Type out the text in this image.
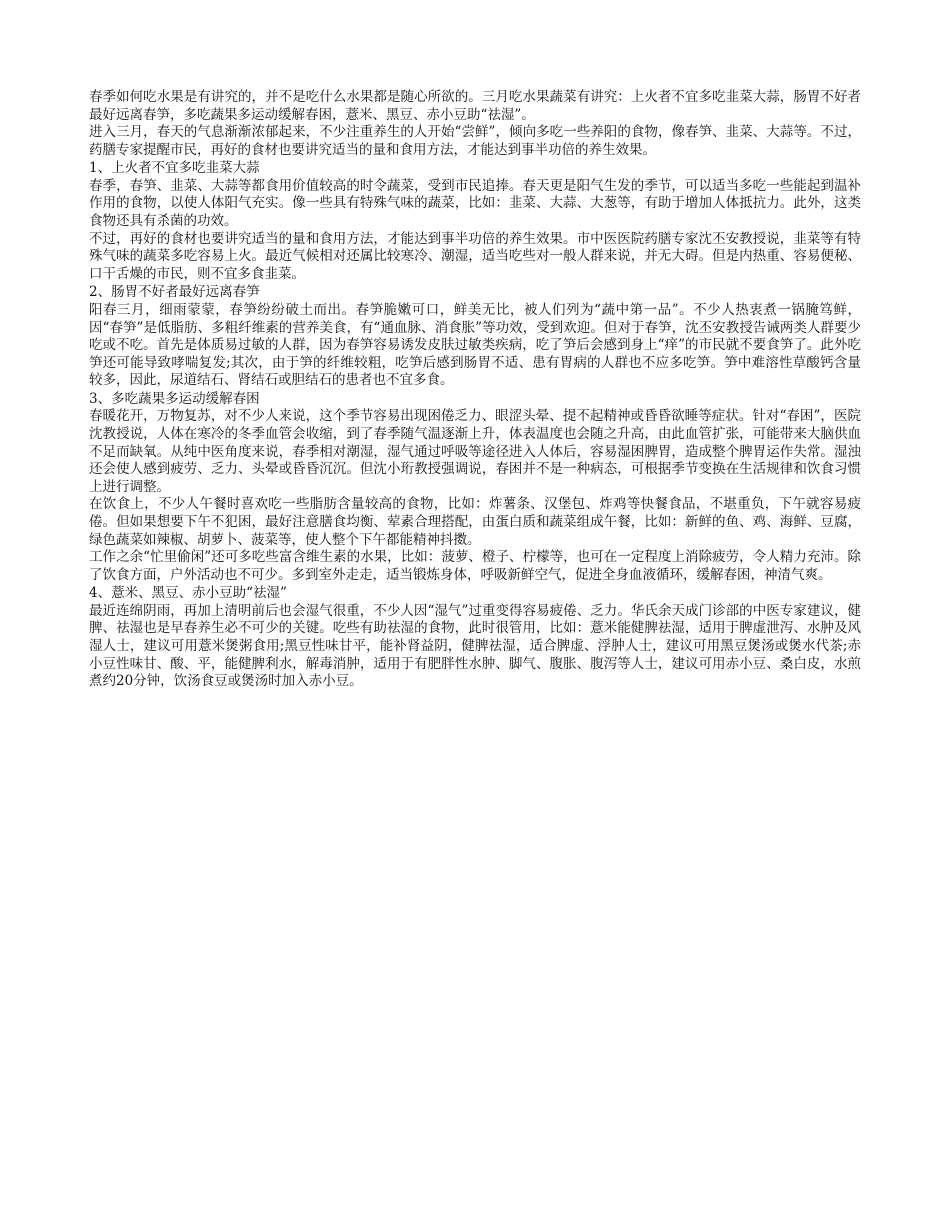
春季如何吃水果是有讲究的，并不是吃什么水果都是随心所欲的。三月吃水果蔬菜有讲究：上火者不宜多吃韭菜大蒜，肠胃不好者最好远离春笋，多吃蔬果多运动缓解春困，薏米、黑豆、赤小豆助“祛湿”。

进入三月，春天的气息渐渐浓郁起来，不少注重养生的人开始“尝鲜”，倾向多吃一些养阳的食物，像春笋、韭菜、大蒜等。不过，药膳专家提醒市民，再好的食材也要讲究适当的量和食用方法，才能达到事半功倍的养生效果。

1、上火者不宜多吃韭菜大蒜

春季，春笋、韭菜、大蒜等都食用价值较高的时令蔬菜，受到市民追捧。春天更是阳气生发的季节，可以适当多吃一些能起到温补作用的食物，以使人体阳气充实。像一些具有特殊气味的蔬菜，比如：韭菜、大蒜、大葱等，有助于增加人体抵抗力。此外，这类食物还具有杀菌的功效。

不过，再好的食材也要讲究适当的量和食用方法，才能达到事半功倍的养生效果。市中医医院药膳专家沈丕安教授说，韭菜等有特殊气味的蔬菜多吃容易上火。最近气候相对还属比较寒冷、潮湿，适当吃些对一般人群来说，并无大碍。但是内热重、容易便秘、口干舌燥的市民，则不宜多食韭菜。

2、肠胃不好者最好远离春笋

阳春三月，细雨蒙蒙，春笋纷纷破土而出。春笋脆嫩可口，鲜美无比，被人们列为“蔬中第一品”。不少人热衷煮一锅腌笃鲜，因“春笋”是低脂肪、多粗纤维素的营养美食，有“通血脉、消食胀”等功效，受到欢迎。但对于春笋，沈丕安教授告诫两类人群要少吃或不吃。首先是体质易过敏的人群，因为春笋容易诱发皮肤过敏类疾病，吃了笋后会感到身上“痒”的市民就不要食笋了。此外吃笋还可能导致哮喘复发;其次，由于笋的纤维较粗，吃笋后感到肠胃不适、患有胃病的人群也不应多吃笋。笋中难溶性草酸钙含量较多，因此，尿道结石、肾结石或胆结石的患者也不宜多食。

3、多吃蔬果多运动缓解春困

春暖花开，万物复苏，对不少人来说，这个季节容易出现困倦乏力、眼涩头晕、提不起精神或昏昏欲睡等症状。针对“春困”，医院沈教授说，人体在寒冷的冬季血管会收缩，到了春季随气温逐渐上升，体表温度也会随之升高，由此血管扩张，可能带来大脑供血不足而缺氧。从纯中医角度来说，春季相对潮湿，湿气通过呼吸等途径进入人体后，容易湿困脾胃，造成整个脾胃运作失常。湿浊还会使人感到疲劳、乏力、头晕或昏昏沉沉。但沈小珩教授强调说，春困并不是一种病态，可根据季节变换在生活规律和饮食习惯上进行调整。

在饮食上，不少人午餐时喜欢吃一些脂肪含量较高的食物，比如：炸薯条、汉堡包、炸鸡等快餐食品，不堪重负，下午就容易疲倦。但如果想要下午不犯困，最好注意膳食均衡、荤素合理搭配，由蛋白质和蔬菜组成午餐，比如：新鲜的鱼、鸡、海鲜、豆腐，绿色蔬菜如辣椒、胡萝卜、菠菜等，使人整个下午都能精神抖擞。

工作之余“忙里偷闲”还可多吃些富含维生素的水果，比如：菠萝、橙子、柠檬等，也可在一定程度上消除疲劳，令人精力充沛。除了饮食方面，户外活动也不可少。多到室外走走，适当锻炼身体，呼吸新鲜空气，促进全身血液循环，缓解春困，神清气爽。

4、薏米、黑豆、赤小豆助“祛湿”

最近连绵阴雨，再加上清明前后也会湿气很重，不少人因“湿气”过重变得容易疲倦、乏力。华氏余天成门诊部的中医专家建议，健脾、祛湿也是早春养生必不可少的关键。吃些有助祛湿的食物，此时很管用，比如：薏米能健脾祛湿，适用于脾虚泄泻、水肿及风湿人士，建议可用薏米煲粥食用;黑豆性味甘平，能补肾益阴，健脾祛湿，适合脾虚、浮肿人士，建议可用黑豆煲汤或煲水代茶;赤小豆性味甘、酸、平，能健脾利水，解毒消肿，适用于有肥胖性水肿、脚气、腹胀、腹泻等人士，建议可用赤小豆、桑白皮，水煎煮约20分钟，饮汤食豆或煲汤时加入赤小豆。
